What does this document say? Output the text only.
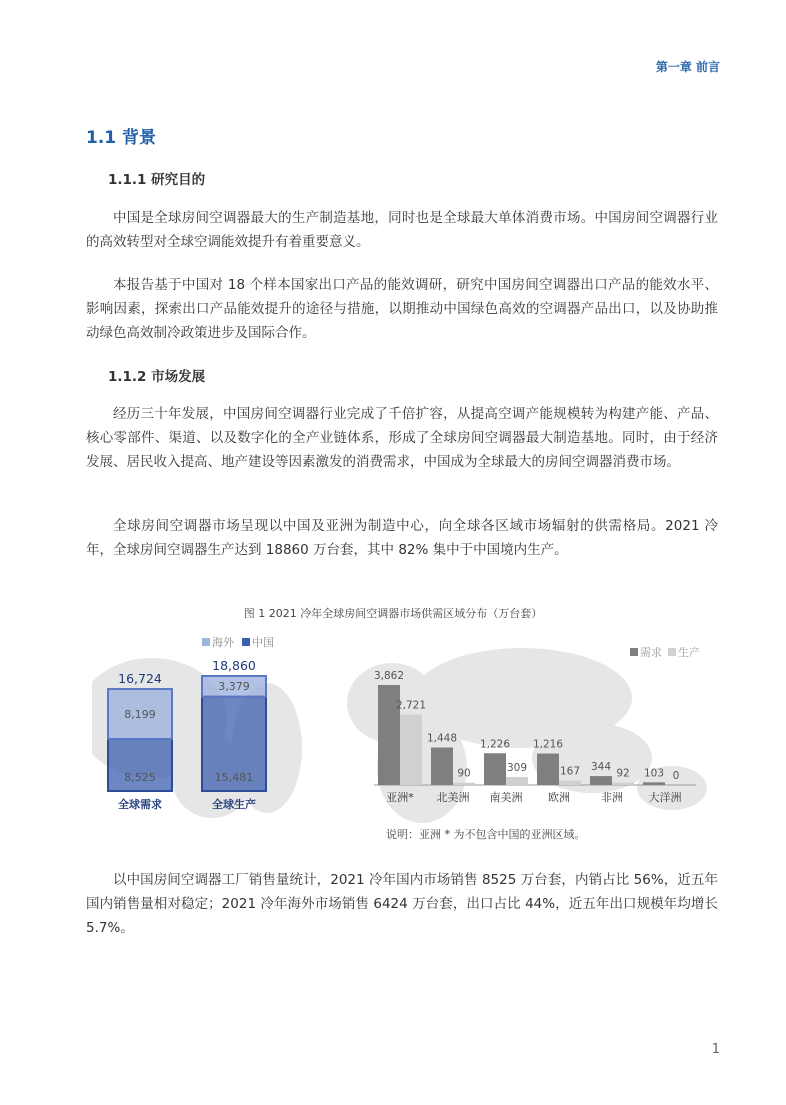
第一章 前言
1.1 背景
1.1.1 研究目的
中国是全球房间空调器最大的生产制造基地，同时也是全球最大单体消费市场。中国房间空调器行业的高效转型对全球空调能效提升有着重要意义。
本报告基于中国对 18 个样本国家出口产品的能效调研，研究中国房间空调器出口产品的能效水平、影响因素，探索出口产品能效提升的途径与措施，以期推动中国绿色高效的空调器产品出口，以及协助推动绿色高效制冷政策进步及国际合作。
1.1.2 市场发展
经历三十年发展，中国房间空调器行业完成了千倍扩容，从提高空调产能规模转为构建产能、产品、核心零部件、渠道、以及数字化的全产业链体系，形成了全球房间空调器最大制造基地。同时，由于经济发展、居民收入提高、地产建设等因素激发的消费需求，中国成为全球最大的房间空调器消费市场。
全球房间空调器市场呈现以中国及亚洲为制造中心，向全球各区域市场辐射的供需格局。2021 冷年，全球房间空调器生产达到 18860 万台套，其中 82% 集中于中国境内生产。
图 1 2021 冷年全球房间空调器市场供需区域分布（万台套）
海外 中国
8,525
8,199
16,724
全球需求
15,481
3,379
18,860
全球生产
需求 生产
3,862
2,721
亚洲*
1,448
90
北美洲
1,226
309
南美洲
1,216
167
欧洲
344
92
非洲
103 0
大洋洲
说明：亚洲 * 为不包含中国的亚洲区域。
以中国房间空调器工厂销售量统计，2021 冷年国内市场销售 8525 万台套，内销占比 56%，近五年国内销售量相对稳定；2021 冷年海外市场销售 6424 万台套，出口占比 44%，近五年出口规模年均增长 5.7%。
1
